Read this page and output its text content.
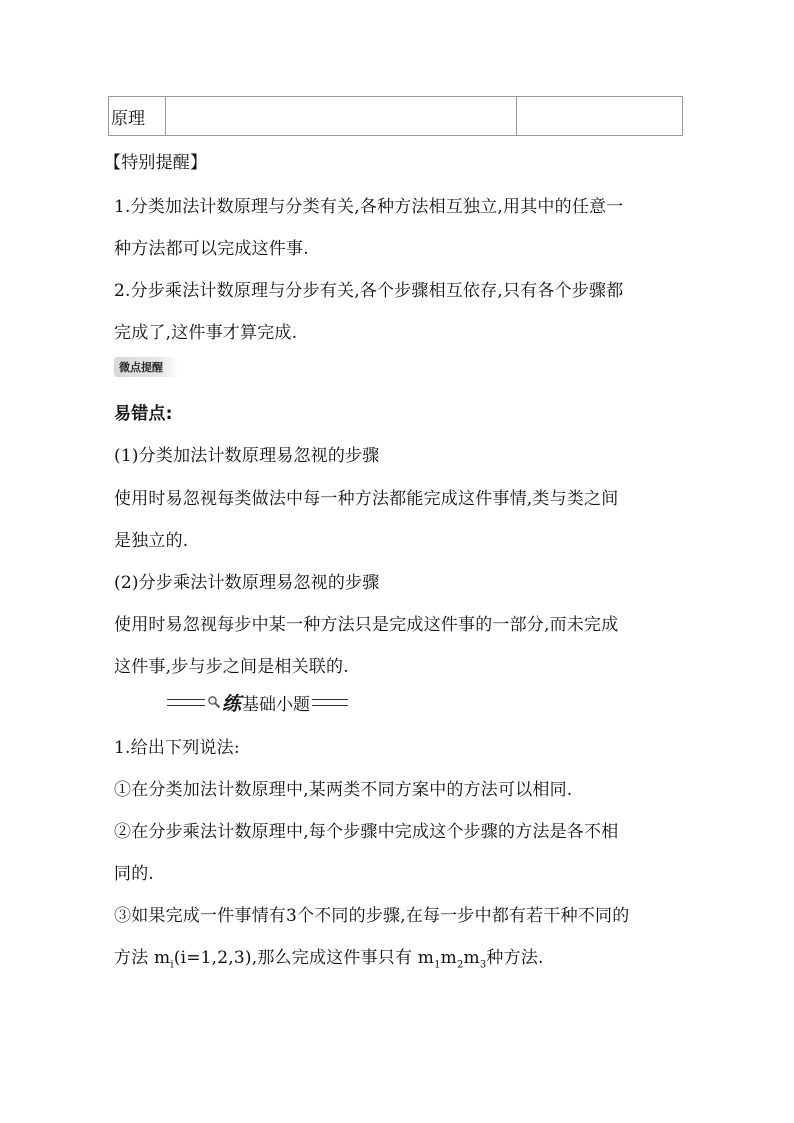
原理
【特别提醒】
1.分类加法计数原理与分类有关,各种方法相互独立,用其中的任意一
种方法都可以完成这件事.
2.分步乘法计数原理与分步有关,各个步骤相互依存,只有各个步骤都
完成了,这件事才算完成.
微点提醒
易错点:
(1)分类加法计数原理易忽视的步骤
使用时易忽视每类做法中每一种方法都能完成这件事情,类与类之间
是独立的.
(2)分步乘法计数原理易忽视的步骤
使用时易忽视每步中某一种方法只是完成这件事的一部分,而未完成
这件事,步与步之间是相关联的.
练 基础小题
1.给出下列说法:
①在分类加法计数原理中,某两类不同方案中的方法可以相同.
②在分步乘法计数原理中,每个步骤中完成这个步骤的方法是各不相
同的.
③如果完成一件事情有3个不同的步骤,在每一步中都有若干种不同的
方法 $m_i(i=1,2,3)$,那么完成这件事只有 $m_1m_2m_3$种方法.
